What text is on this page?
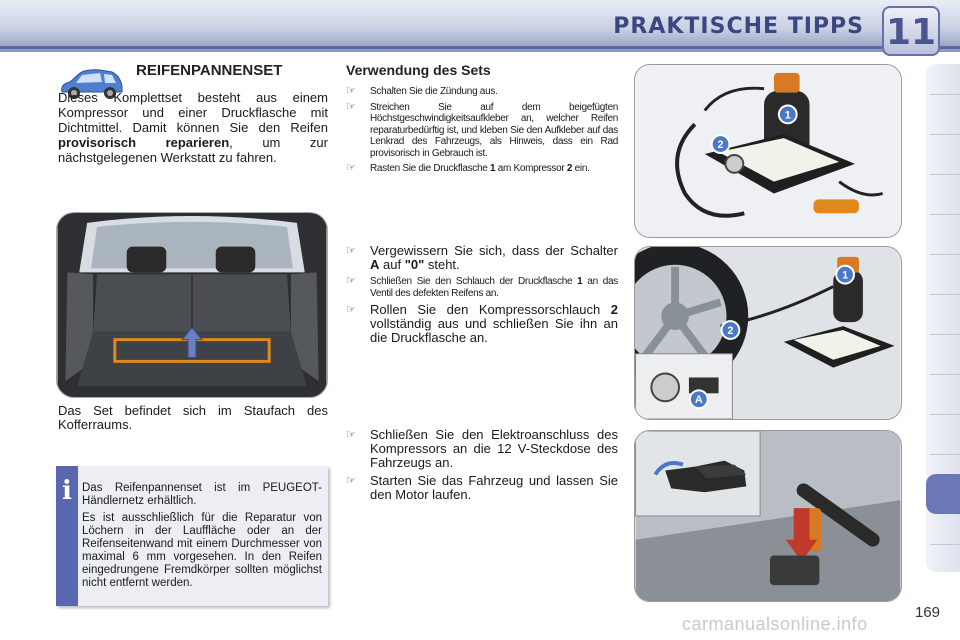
PRAKTISCHE TIPPS 11
REIFENPANNENSET
Dieses Komplettset besteht aus einem Kompressor und einer Druckflasche mit Dichtmittel. Damit können Sie den Reifen provisorisch reparieren, um zur nächstgelegenen Werkstatt zu fahren.
Das Set befindet sich im Staufach des Kofferraums.
i Das Reifenpannenset ist im PEUGEOT-Händlernetz erhältlich.

Es ist ausschließlich für die Reparatur von Löchern in der Lauffläche oder an der Reifenseitenwand mit einem Durchmesser von maximal 6 mm vorgesehen. In den Reifen eingedrungene Fremdkörper sollten möglichst nicht entfernt werden.

Verwendung des Sets
☞ Schalten Sie die Zündung aus.
☞ Streichen Sie auf dem beigefügten Höchstgeschwindigkeitsaufkleber an, welcher Reifen reparaturbedürftig ist, und kleben Sie den Aufkleber auf das Lenkrad des Fahrzeugs, als Hinweis, dass ein Rad provisorisch in Gebrauch ist.
☞ Rasten Sie die Druckflasche 1 am Kompressor 2 ein.
☞ Vergewissern Sie sich, dass der Schalter A auf "0" steht.
☞ Schließen Sie den Schlauch der Druckflasche 1 an das Ventil des defekten Reifens an.
☞ Rollen Sie den Kompressorschlauch 2 vollständig aus und schließen Sie ihn an die Druckflasche an.
☞ Schließen Sie den Elektroanschluss des Kompressors an die 12 V-Steckdose des Fahrzeugs an.
☞ Starten Sie das Fahrzeug und lassen Sie den Motor laufen.
1
2
1
2
A
169
carmanualsonline.info
